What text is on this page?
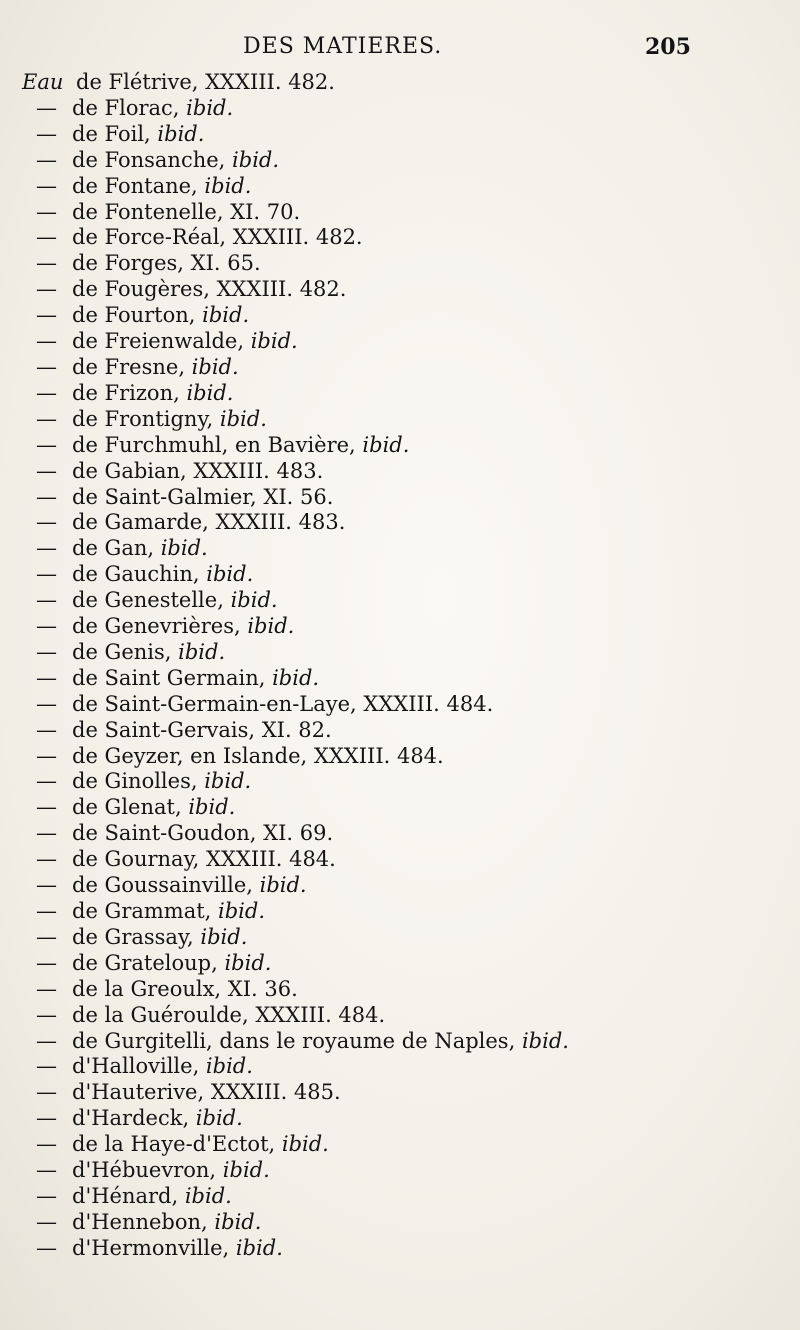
DES MATIERES.	205
Eau de Flétrive, XXXIII. 482.
— de Florac, ibid.
— de Foil, ibid.
— de Fonsanche, ibid.
— de Fontane, ibid.
— de Fontenelle, XI. 70.
— de Force-Réal, XXXIII. 482.
— de Forges, XI. 65.
— de Fougères, XXXIII. 482.
— de Fourton, ibid.
— de Freienwalde, ibid.
— de Fresne, ibid.
— de Frizon, ibid.
— de Frontigny, ibid.
— de Furchmuhl, en Bavière, ibid.
— de Gabian, XXXIII. 483.
— de Saint-Galmier, XI. 56.
— de Gamarde, XXXIII. 483.
— de Gan, ibid.
— de Gauchin, ibid.
— de Genestelle, ibid.
— de Genevrières, ibid.
— de Genis, ibid.
— de Saint Germain, ibid.
— de Saint-Germain-en-Laye, XXXIII. 484.
— de Saint-Gervais, XI. 82.
— de Geyzer, en Islande, XXXIII. 484.
— de Ginolles, ibid.
— de Glenat, ibid.
— de Saint-Goudon, XI. 69.
— de Gournay, XXXIII. 484.
— de Goussainville, ibid.
— de Grammat, ibid.
— de Grassay, ibid.
— de Grateloup, ibid.
— de la Greoulx, XI. 36.
— de la Guéroulde, XXXIII. 484.
— de Gurgitelli, dans le royaume de Naples, ibid.
— d'Halloville, ibid.
— d'Hauterive, XXXIII. 485.
— d'Hardeck, ibid.
— de la Haye-d'Ectot, ibid.
— d'Hébuevron, ibid.
— d'Hénard, ibid.
— d'Hennebon, ibid.
— d'Hermonville, ibid.
